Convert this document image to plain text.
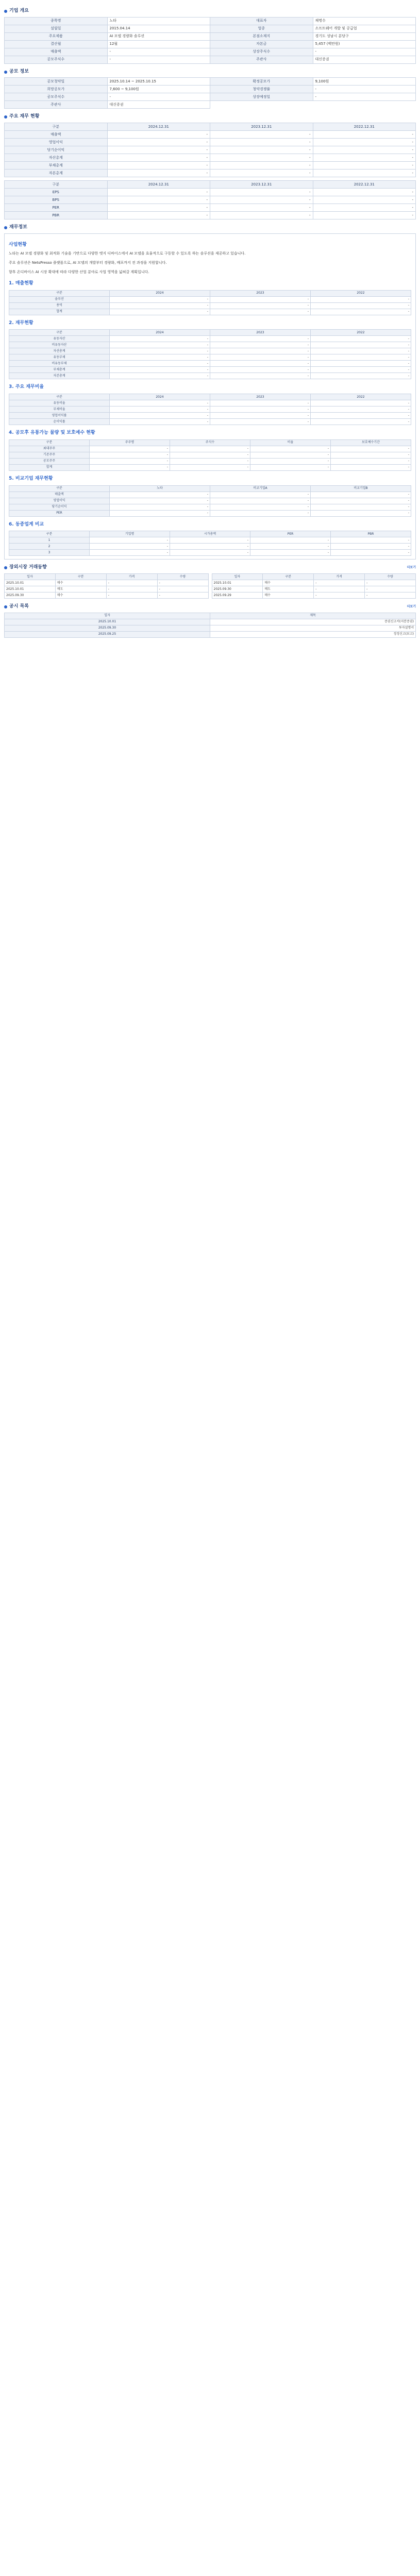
기업 개요
종목명	노타	대표자	채명수
설립일	2015.04.14	업종	소프트웨어 개발 및 공급업
주요제품	AI 모델 경량화 솔루션	본점소재지	경기도 성남시 분당구
결산월	12월	자본금	5,457 (백만원)
매출액	-	상장주식수	-
공모주식수	-	주관사	대신증권
공모 정보
공모청약일	2025.10.14 ~ 2025.10.15	확정공모가	9,100원
희망공모가	7,600 ~ 9,100원	청약경쟁률	-
공모주식수	-	상장예정일	-
주관사	대신증권		
주요 재무 현황
구분	2024.12.31	2023.12.31	2022.12.31
매출액	-	-	-
영업이익	-	-	-
당기순이익	-	-	-
자산총계	-	-	-
부채총계	-	-	-
자본총계	-	-	-
구분	2024.12.31	2023.12.31	2022.12.31
EPS	-	-	-
BPS	-	-	-
PER	-	-	-
PBR	-	-	-
재무정보
사업현황

노타는 AI 모델 경량화 및 최적화 기술을 기반으로 다양한 엣지 디바이스에서 AI 모델을 효율적으로 구동할 수 있도록 하는 솔루션을 제공하고 있습니다.

주요 솔루션은 NetsPresso 플랫폼으로, AI 모델의 개발부터 경량화, 배포까지 전 과정을 지원합니다.

향후 온디바이스 AI 시장 확대에 따라 다양한 산업 분야로 사업 영역을 넓혀갈 계획입니다.

1. 매출현황
구분	2024	2023	2022
솔루션	-	-	-
용역	-	-	-
합계	-	-	-
2. 재무현황
구분	2024	2023	2022
유동자산	-	-	-
비유동자산	-	-	-
자산총계	-	-	-
유동부채	-	-	-
비유동부채	-	-	-
부채총계	-	-	-
자본총계	-	-	-
3. 주요 재무비율
구분	2024	2023	2022
유동비율	-	-	-
부채비율	-	-	-
영업이익률	-	-	-
순이익률	-	-	-
4. 공모후 유통가능 물량 및 보호예수 현황
구분	주주명	주식수	비율	보호예수기간
최대주주	-	-	-	-
기존주주	-	-	-	-
공모주주	-	-	-	-
합계	-	-	-	-
5. 비교기업 재무현황
구분	노타	비교기업A	비교기업B
매출액	-	-	-
영업이익	-	-	-
당기순이익	-	-	-
PER	-	-	-
6. 동종업계 비교
구분	기업명	시가총액	PER	PBR
1	-	-	-	-
2	-	-	-	-
3	-	-	-	-
장외시장 거래동향	더보기
일자	구분	가격	수량
2025.10.01	매수	-	-
2025.10.01	매도	-	-
2025.09.30	매수	-	-
일자	구분	가격	수량
2025.10.01	매수	-	-
2025.09.30	매도	-	-
2025.09.29	매수	-	-
공시 목록	더보기
일자	제목
2025.10.01	증권신고서(지분증권)
2025.09.30	투자설명서
2025.09.25	정정신고(보고)
